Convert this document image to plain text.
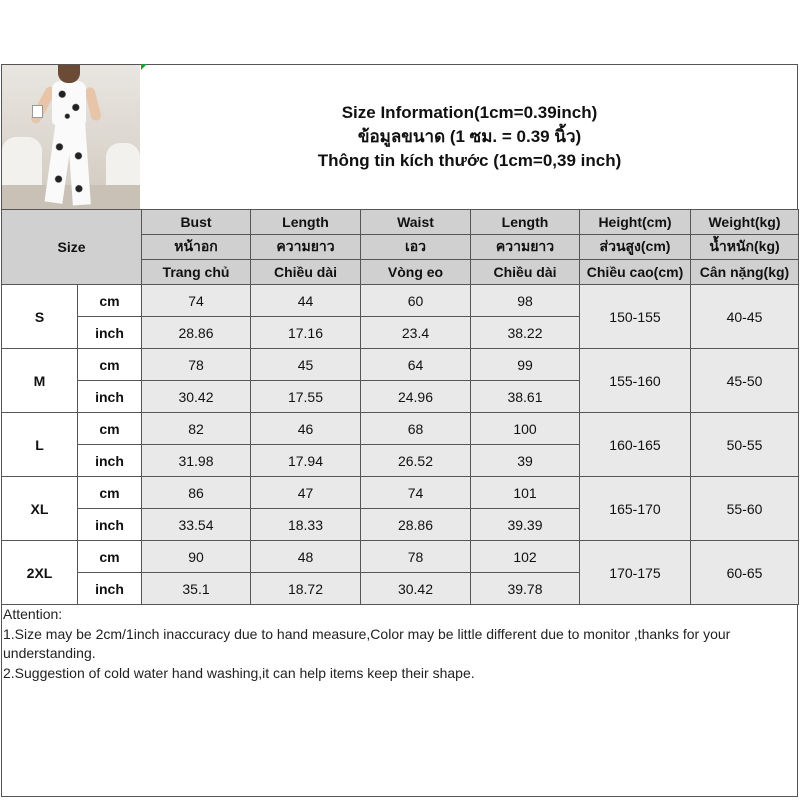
Size Information(1cm=0.39inch)
ข้อมูลขนาด (1 ซม. = 0.39 นิ้ว)
Thông tin kích thước (1cm=0,39 inch)
Size		Bust	Length	Waist	Length	Height(cm)	Weight(kg)
		หน้าอก	ความยาว	เอว	ความยาว	ส่วนสูง(cm)	น้ำหนัก(kg)
		Trang chủ	Chiều dài	Vòng eo	Chiều dài	Chiều cao(cm)	Cân nặng(kg)
S	cm	74	44	60	98	150-155	40-45
	inch	28.86	17.16	23.4	38.22		
M	cm	78	45	64	99	155-160	45-50
	inch	30.42	17.55	24.96	38.61		
L	cm	82	46	68	100	160-165	50-55
	inch	31.98	17.94	26.52	39		
XL	cm	86	47	74	101	165-170	55-60
	inch	33.54	18.33	28.86	39.39		
2XL	cm	90	48	78	102	170-175	60-65
	inch	35.1	18.72	30.42	39.78		
Attention:
1.Size may be 2cm/1inch inaccuracy due to hand measure,Color may be little different due to monitor ,thanks for your understanding.
2.Suggestion of cold water hand washing,it can help items keep their shape.
